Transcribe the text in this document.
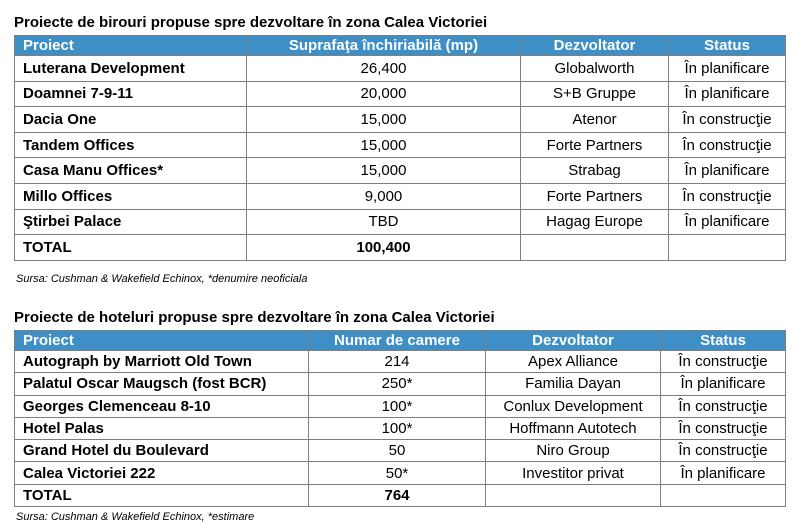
Proiecte de birouri propuse spre dezvoltare în zona Calea Victoriei
Proiect	Suprafaţa închiriabilă (mp)	Dezvoltator	Status
Luterana Development	26,400	Globalworth	În planificare
Doamnei 7-9-11	20,000	S+B Gruppe	În planificare
Dacia One	15,000	Atenor	În construcţie
Tandem Offices	15,000	Forte Partners	În construcţie
Casa Manu Offices*	15,000	Strabag	În planificare
Millo Offices	9,000	Forte Partners	În construcţie
Ştirbei Palace	TBD	Hagag Europe	În planificare
TOTAL	100,400		
Sursa: Cushman & Wakefield Echinox, *denumire neoficiala
Proiecte de hoteluri propuse spre dezvoltare în zona Calea Victoriei
Proiect	Numar de camere	Dezvoltator	Status
Autograph by Marriott Old Town	214	Apex Alliance	În construcţie
Palatul Oscar Maugsch (fost BCR)	250*	Familia Dayan	În planificare
Georges Clemenceau 8-10	100*	Conlux Development	În construcţie
Hotel Palas	100*	Hoffmann Autotech	În construcţie
Grand Hotel du Boulevard	50	Niro Group	În construcţie
Calea Victoriei 222	50*	Investitor privat	În planificare
TOTAL	764		
Sursa: Cushman & Wakefield Echinox, *estimare
